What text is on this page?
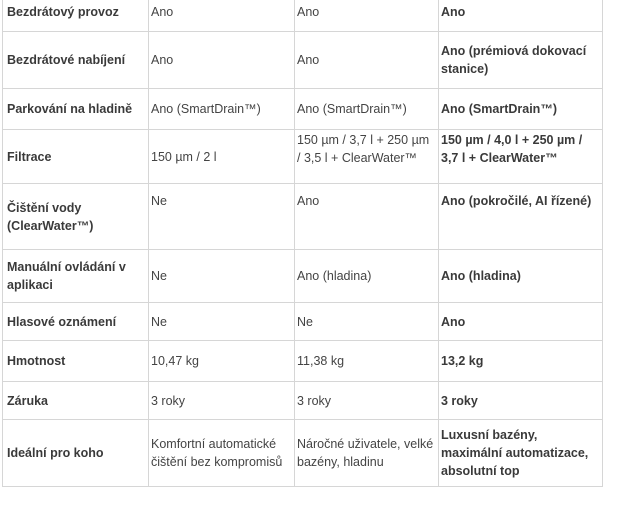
Bezdrátový provoz	Ano	Ano	Ano
Bezdrátové nabíjení	Ano	Ano	Ano (prémiová dokovací stanice)
Parkování na hladině	Ano (SmartDrain™)	Ano (SmartDrain™)	Ano (SmartDrain™)
Filtrace	150 µm / 2 l	150 µm / 3,7 l + 250 µm / 3,5 l + ClearWater™	150 µm / 4,0 l + 250 µm / 3,7 l + ClearWater™
Čištění vody (ClearWater™)	Ne	Ano	Ano (pokročilé, AI řízené)
Manuální ovládání v aplikaci	Ne	Ano (hladina)	Ano (hladina)
Hlasové oznámení	Ne	Ne	Ano
Hmotnost	10,47 kg	11,38 kg	13,2 kg
Záruka	3 roky	3 roky	3 roky
Ideální pro koho	Komfortní automatické čištění bez kompromisů	Náročné uživatele, velké bazény, hladinu	Luxusní bazény, maximální automatizace, absolutní top
